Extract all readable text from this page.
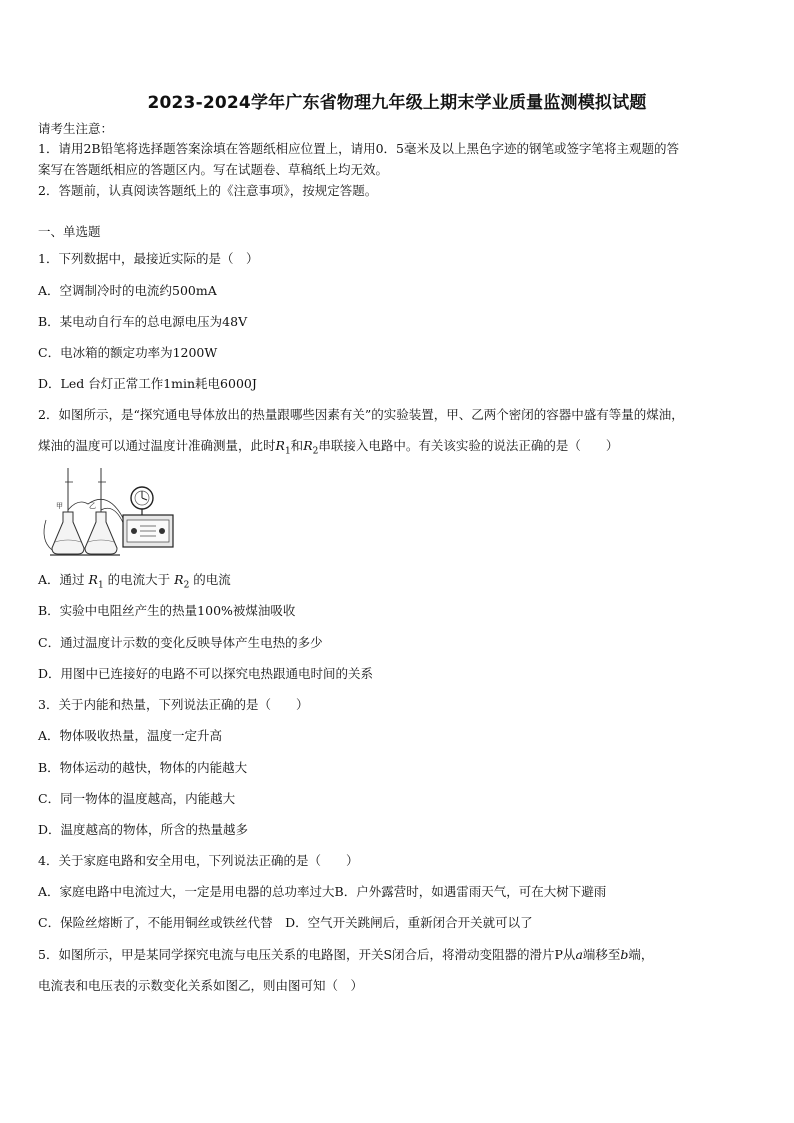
2023-2024学年广东省物理九年级上期末学业质量监测模拟试题
请考生注意：
1．请用2B铅笔将选择题答案涂填在答题纸相应位置上，请用0．5毫米及以上黑色字迹的钢笔或签字笔将主观题的答
案写在答题纸相应的答题区内。写在试题卷、草稿纸上均无效。
2．答题前，认真阅读答题纸上的《注意事项》，按规定答题。
一、单选题
1．下列数据中，最接近实际的是（　）
A．空调制冷时的电流约500mA
B．某电动自行车的总电源电压为48V
C．电冰箱的额定功率为1200W
D．Led 台灯正常工作1min耗电6000J
2．如图所示，是“探究通电导体放出的热量跟哪些因素有关”的实验装置，甲、乙两个密闭的容器中盛有等量的煤油，
煤油的温度可以通过温度计准确测量，此时$R_1$和$R_2$串联接入电路中。有关该实验的说法正确的是（　　）
甲	乙
A．通过 $R_1$ 的电流大于 $R_2$ 的电流
B．实验中电阻丝产生的热量100%被煤油吸收
C．通过温度计示数的变化反映导体产生电热的多少
D．用图中已连接好的电路不可以探究电热跟通电时间的关系
3．关于内能和热量，下列说法正确的是（　　）
A．物体吸收热量，温度一定升高
B．物体运动的越快，物体的内能越大
C．同一物体的温度越高，内能越大
D．温度越高的物体，所含的热量越多
4．关于家庭电路和安全用电，下列说法正确的是（　　）
A．家庭电路中电流过大，一定是用电器的总功率过大B．户外露营时，如遇雷雨天气，可在大树下避雨
C．保险丝熔断了，不能用铜丝或铁丝代替　D．空气开关跳闸后，重新闭合开关就可以了
5．如图所示，甲是某同学探究电流与电压关系的电路图，开关S闭合后，将滑动变阻器的滑片P从a端移至b端，
电流表和电压表的示数变化关系如图乙，则由图可知（　）
